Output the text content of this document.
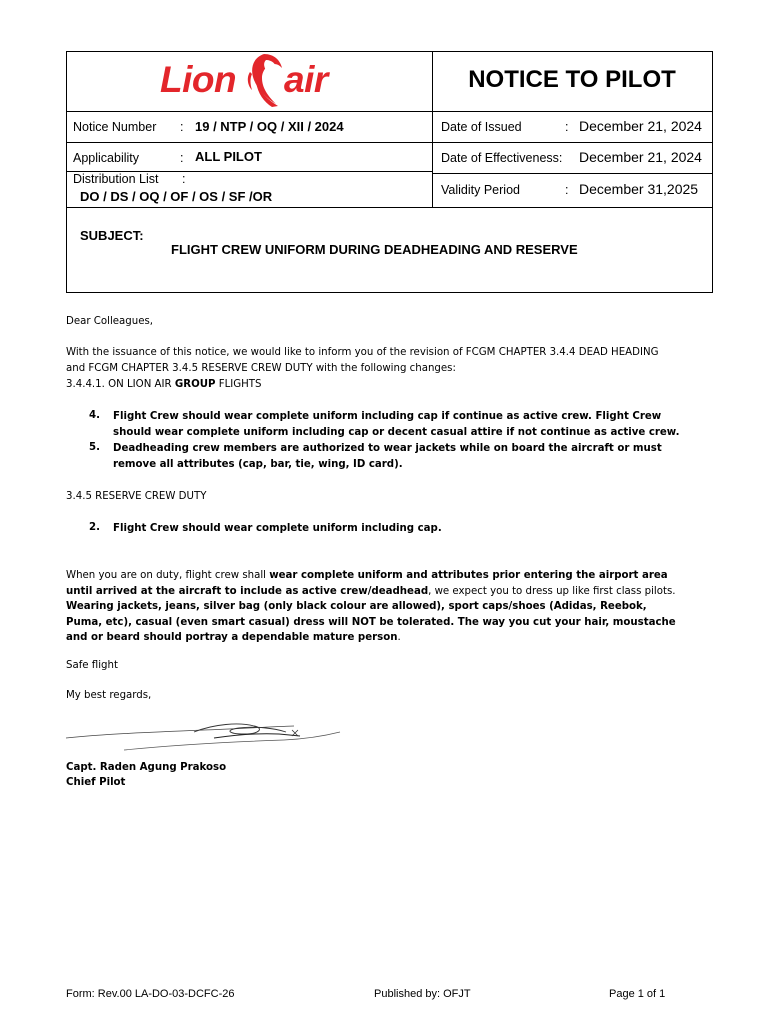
Lion air	NOTICE TO PILOT
Notice Number : 19 / NTP / OQ / XII / 2024
Applicability	: ALL PILOT
Distribution List :
DO / DS / OQ / OF / OS / SF /OR
Date of Issued	: December 21, 2024
Date of Effectiveness: December 21, 2024
Validity Period	: December 31,2025
SUBJECT:
FLIGHT CREW UNIFORM DURING DEADHEADING AND RESERVE
Dear Colleagues,
With the issuance of this notice, we would like to inform you of the revision of FCGM CHAPTER 3.4.4 DEAD HEADING
and FCGM CHAPTER 3.4.5 RESERVE CREW DUTY with the following changes:
3.4.4.1. ON LION AIR GROUP FLIGHTS
4. Flight Crew should wear complete uniform including cap if continue as active crew. Flight Crew should wear complete uniform including cap or decent casual attire if not continue as active crew.
5. Deadheading crew members are authorized to wear jackets while on board the aircraft or must remove all attributes (cap, bar, tie, wing, ID card).
3.4.5 RESERVE CREW DUTY
2. Flight Crew should wear complete uniform including cap.
When you are on duty, flight crew shall wear complete uniform and attributes prior entering the airport area until arrived at the aircraft to include as active crew/deadhead, we expect you to dress up like first class pilots. Wearing jackets, jeans, silver bag (only black colour are allowed), sport caps/shoes (Adidas, Reebok, Puma, etc), casual (even smart casual) dress will NOT be tolerated. The way you cut your hair, moustache and or beard should portray a dependable mature person.
Safe flight
My best regards,
Capt. Raden Agung Prakoso
Chief Pilot
Form: Rev.00 LA-DO-03-DCFC-26	Published by: OFJT	Page 1 of 1
